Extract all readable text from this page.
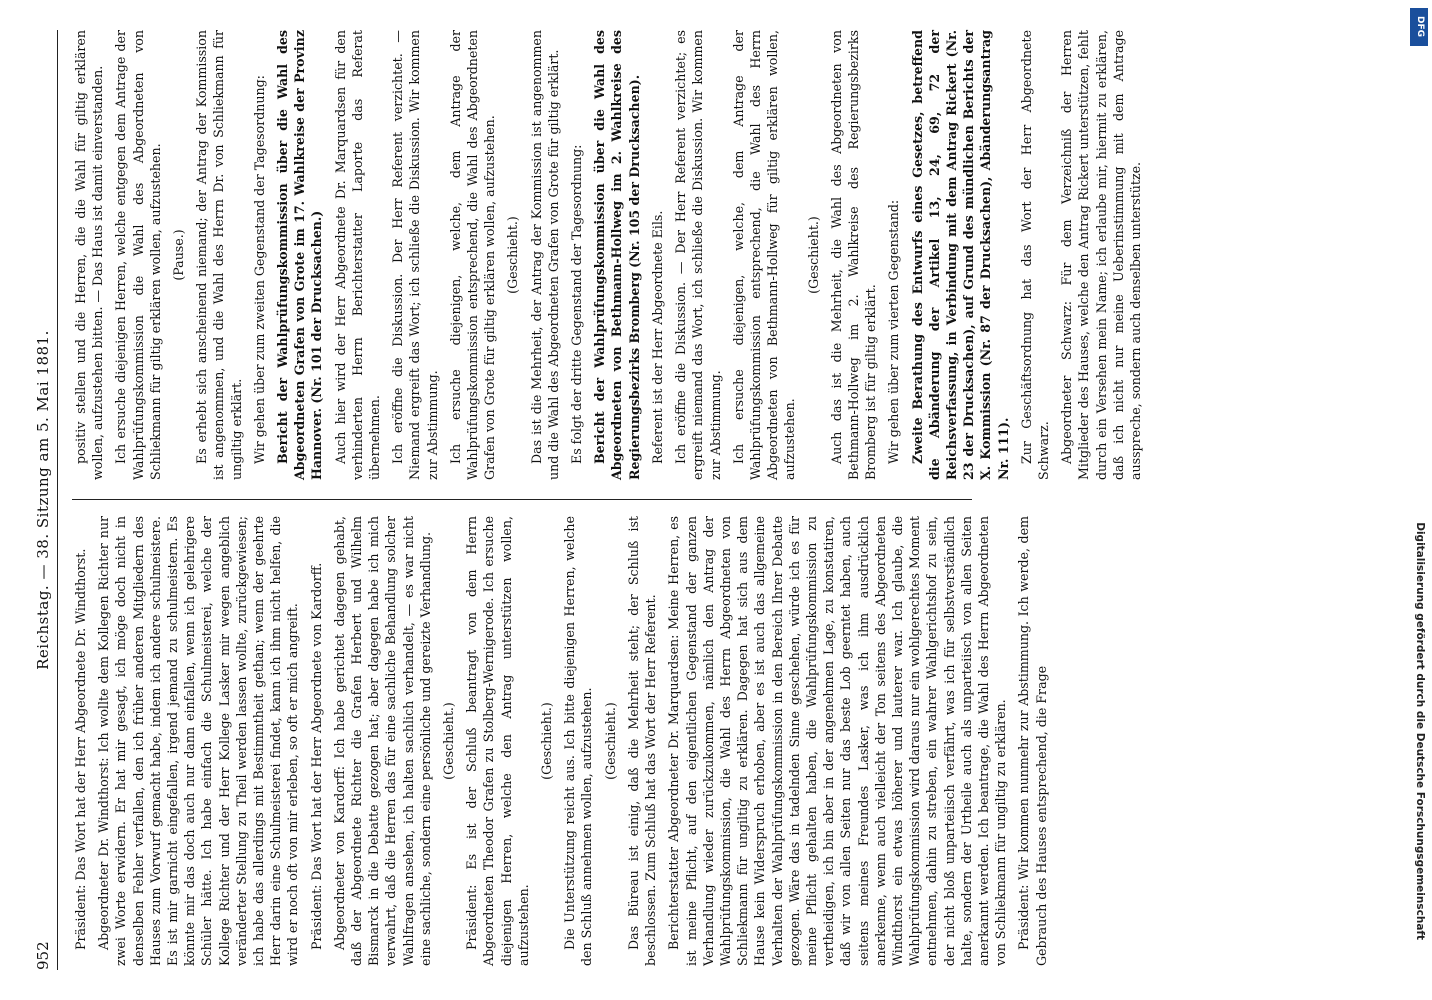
952
Reichstag. — 38. Sitzung am 5. Mai 1881.

Präsident: Das Wort hat der Herr Abgeordnete Dr. Windthorst. Abgeordneter Dr. Windthorst: Ich wollte dem Kollegen Richter nur zwei Worte erwidern. Er hat mir gesagt, ich möge doch nicht in denselben Fehler verfallen, den ich früher anderen Mitgliedern des Hauses zum Vorwurf gemacht habe, indem ich andere schulmeistere. Es ist mir garnicht eingefallen, irgend jemand zu schulmeistern. Es könnte mir das doch auch nur dann einfallen, wenn ich gelehrigere Schüler hätte. Ich habe einfach die Schulmeisterei, welche der Kollege Richter und der Herr Kollege Lasker mir wegen angeblich veränderter Stellung zu Theil werden lassen wollte, zurückgewiesen; ich habe das allerdings mit Bestimmtheit gethan; wenn der geehrte Herr darin eine Schulmeisterei findet, kann ich ihm nicht helfen, die wird er noch oft von mir erleben, so oft er mich angreift. Präsident: Das Wort hat der Herr Abgeordnete von Kardorff. Abgeordneter von Kardorff: Ich habe gerichtet dagegen gehabt, daß der Abgeordnete Richter die Grafen Herbert und Wilhelm Bismarck in die Debatte gezogen hat; aber dagegen habe ich mich verwahrt, daß die Herren das für eine sachliche Behandlung solcher Wahlfragen ansehen, ich halten sachlich verhandelt, — es war nicht eine sachliche, sondern eine persönliche und gereizte Verhandlung. (Geschieht.) Präsident: Es ist der Schluß beantragt von dem Herrn Abgeordneten Theodor Grafen zu Stolberg-Wernigerode. Ich ersuche diejenigen Herren, welche den Antrag unterstützen wollen, aufzustehen.

(Geschieht.) Die Unterstützung reicht aus. Ich bitte diejenigen Herren, welche den Schluß annehmen wollen, aufzustehen. (Geschieht.) Das Büreau ist einig, daß die Mehrheit steht; der Schluß ist beschlossen. Zum Schluß hat das Wort der Herr Referent. Berichterstatter Abgeordneter Dr. Marquardsen: Meine Herren, es ist meine Pflicht, auf den eigentlichen Gegenstand der ganzen Verhandlung wieder zurückzukommen, nämlich den Antrag der Wahlprüfungskommission, die Wahl des Herrn Abgeordneten von Schliekmann für ungiltig zu erklären. Dagegen hat sich aus dem Hause kein Widerspruch erhoben, aber es ist auch das allgemeine Verhalten der Wahlprüfungskommission in den Bereich Ihrer Debatte gezogen. Wäre das in tadelnden Sinne geschehen, würde ich es für meine Pflicht gehalten haben, die Wahlprüfungskommission zu vertheidigen, ich bin aber in der angenehmen Lage, zu konstatiren, daß wir von allen Seiten nur das beste Lob geerntet haben, auch seitens meines Freundes Lasker, was ich ihm ausdrücklich anerkenne, wenn auch vielleicht der Ton seitens des Abgeordneten Windthorst ein etwas höherer und lauterer war. Ich glaube, die Wahlprüfungskommission wird daraus nur ein wohlgerechtes Moment entnehmen, dahin zu streben, ein wahrer Wahlgerichtshof zu sein, der nicht bloß unparteiisch verfährt, was ich für selbstverständlich halte, sondern der Urtheile auch als unparteiisch von allen Seiten anerkannt werden. Ich beantrage, die Wahl des Herrn Abgeordneten von Schliekmann für ungiltig zu erklären. Präsident: Wir kommen nunmehr zur Abstimmung. Ich werde, dem Gebrauch des Hauses entsprechend, die Frage

positiv stellen und die Herren, die die Wahl für giltig erklären wollen, aufzustehen bitten. — Das Haus ist damit einverstanden. Ich ersuche diejenigen Herren, welche entgegen dem Antrage der Wahlprüfungskommission die Wahl des Abgeordneten von Schliekmann für giltig erklären wollen, aufzustehen. (Pause.) Es erhebt sich anscheinend niemand; der Antrag der Kommission ist angenommen, und die Wahl des Herrn Dr. von Schliekmann für ungiltig erklärt. Wir gehen über zum zweiten Gegenstand der Tagesordnung: Bericht der Wahlprüfungskommission über die Wahl des Abgeordneten Grafen von Grote im 17. Wahlkreise der Provinz Hannover. (Nr. 101 der Drucksachen.) Auch hier wird der Herr Abgeordnete Dr. Marquardsen für den verhinderten Herrn Berichterstatter Laporte das Referat übernehmen. Ich eröffne die Diskussion. Der Herr Referent verzichtet. — Niemand ergreift das Wort; ich schließe die Diskussion. Wir kommen zur Abstimmung. Ich ersuche diejenigen, welche, dem Antrage der Wahlprüfungskommission entsprechend, die Wahl des Abgeordneten Grafen von Grote für giltig erklären wollen, aufzustehen. (Geschieht.) Das ist die Mehrheit, der Antrag der Kommission ist angenommen und die Wahl des Abgeordneten Grafen von Grote für giltig erklärt. Es folgt der dritte Gegenstand der Tagesordnung: Bericht der Wahlprüfungskommission über die Wahl des Abgeordneten von Bethmann-Hollweg im 2. Wahlkreise des Regierungsbezirks Bromberg (Nr. 105 der Drucksachen). Referent ist der Herr Abgeordnete Eils. Ich eröffne die Diskussion. — Der Herr Referent verzichtet; es ergreift niemand das Wort, ich schließe die Diskussion. Wir kommen zur Abstimmung. Ich ersuche diejenigen, welche, dem Antrage der Wahlprüfungskommission entsprechend, die Wahl des Herrn Abgeordneten von Bethmann-Hollweg für giltig erklären wollen, aufzustehen.

(Geschieht.) Auch das ist die Mehrheit, die Wahl des Abgeordneten von Bethmann-Hollweg im 2. Wahlkreise des Regierungsbezirks Bromberg ist für giltig erklärt. Wir gehen über zum vierten Gegenstand: Zweite Berathung des Entwurfs eines Gesetzes, betreffend die Abänderung der Artikel 13, 24, 69, 72 der Reichsverfassung, in Verbindung mit dem Antrag Rickert (Nr. 23 der Drucksachen), auf Grund des mündlichen Berichts der X. Kommission (Nr. 87 der Drucksachen), Abänderungsantrag Nr. 111). Zur Geschäftsordnung hat das Wort der Herr Abgeordnete Schwarz. Abgeordneter Schwarz: Für dem Verzeichniß der Herren Mitglieder des Hauses, welche den Antrag Rickert unterstützen, fehlt durch ein Versehen mein Name; ich erlaube mir, hiermit zu erklären, daß ich nicht nur meine Ueberinstimmung mit dem Antrage ausspreche, sondern auch denselben unterstütze.

DFG
Digitalisierung gefördert durch die Deutsche Forschungsgemeinschaft
